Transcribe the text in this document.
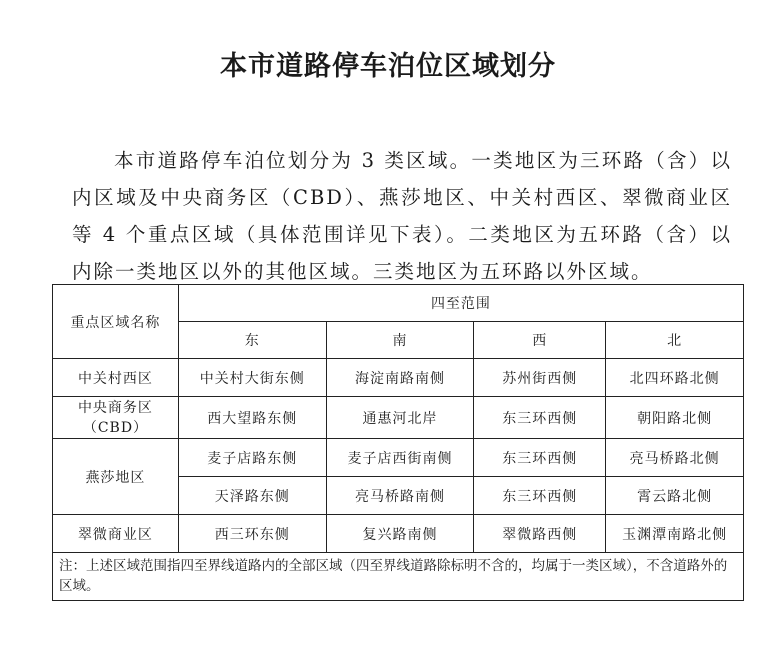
本市道路停车泊位区域划分
本市道路停车泊位划分为 3 类区域。一类地区为三环路（含）以内区域及中央商务区（CBD）、燕莎地区、中关村西区、翠微商业区等 4 个重点区域（具体范围详见下表）。二类地区为五环路（含）以内除一类地区以外的其他区域。三类地区为五环路以外区域。
重点区域名称	四至范围			
	东	南	西	北
中关村西区	中关村大街东侧	海淀南路南侧	苏州街西侧	北四环路北侧

中央商务区
（CBD）	西大望路东侧	通惠河北岸	东三环西侧	朝阳路北侧
燕莎地区	麦子店路东侧	麦子店西街南侧	东三环西侧	亮马桥路北侧
	天泽路东侧	亮马桥路南侧	东三环西侧	霄云路北侧
翠微商业区	西三环东侧	复兴路南侧	翠微路西侧	玉渊潭南路北侧
注：上述区域范围指四至界线道路内的全部区域（四至界线道路除标明不含的，均属于一类区域），不含道路外的区域。				
